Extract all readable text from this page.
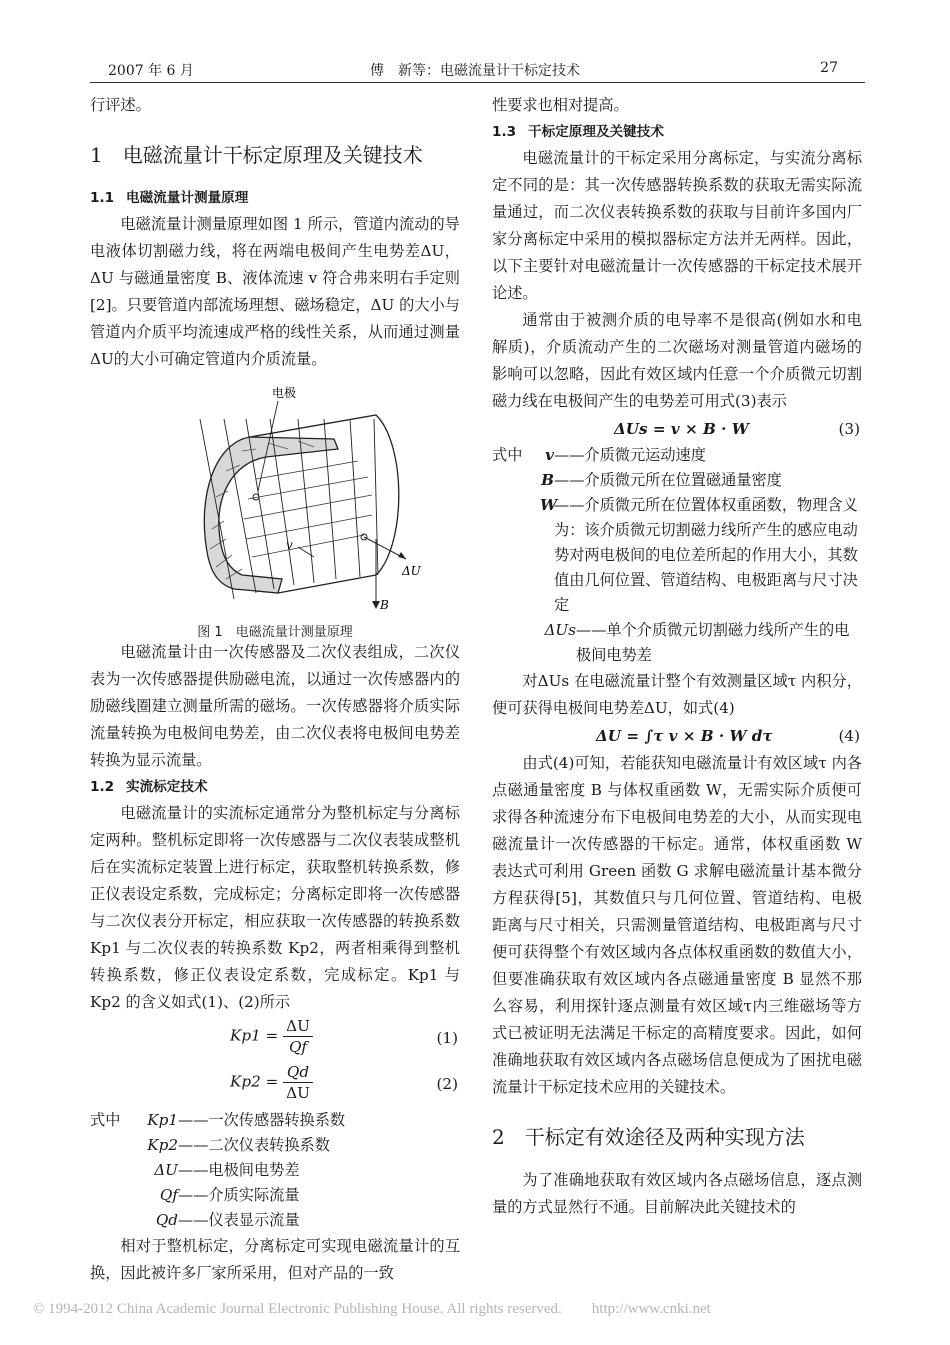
2007 年 6 月	傅　新等：电磁流量计干标定技术	27

行评述。

1　电磁流量计干标定原理及关键技术
1.1 电磁流量计测量原理

电磁流量计测量原理如图 1 所示，管道内流动的导电液体切割磁力线，将在两端电极间产生电势差ΔU，ΔU 与磁通量密度 B、液体流速 v 符合弗来明右手定则[2]。只要管道内部流场理想、磁场稳定，ΔU 的大小与管道内介质平均流速成严格的线性关系，从而通过测量ΔU的大小可确定管道内介质流量。

电极
ΔU
B
v
图 1　电磁流量计测量原理

电磁流量计由一次传感器及二次仪表组成，二次仪表为一次传感器提供励磁电流，以通过一次传感器内的励磁线圈建立测量所需的磁场。一次传感器将介质实际流量转换为电极间电势差，由二次仪表将电极间电势差转换为显示流量。

1.2 实流标定技术

电磁流量计的实流标定通常分为整机标定与分离标定两种。整机标定即将一次传感器与二次仪表装成整机后在实流标定装置上进行标定，获取整机转换系数，修正仪表设定系数，完成标定；分离标定即将一次传感器与二次仪表分开标定，相应获取一次传感器的转换系数 Kp1 与二次仪表的转换系数 Kp2，两者相乘得到整机转换系数，修正仪表设定系数，完成标定。Kp1 与 Kp2 的含义如式(1)、(2)所示

$Kp1 = \frac{\Delta U}{Qf}$	(1)
$Kp2 = \frac{Qd}{\Delta U}$	(2)
式中	Kp1 ——一次传感器转换系数
Kp2 ——二次仪表转换系数
ΔU ——电极间电势差
Qf ——介质实际流量
Qd ——仪表显示流量

相对于整机标定，分离标定可实现电磁流量计的互换，因此被许多厂家所采用，但对产品的一致

性要求也相对提高。

1.3 干标定原理及关键技术

电磁流量计的干标定采用分离标定，与实流分离标定不同的是：其一次传感器转换系数的获取无需实际流量通过，而二次仪表转换系数的获取与目前许多国内厂家分离标定中采用的模拟器标定方法并无两样。因此，以下主要针对电磁流量计一次传感器的干标定技术展开论述。

通常由于被测介质的电导率不是很高(例如水和电解质)，介质流动产生的二次磁场对测量管道内磁场的影响可以忽略，因此有效区域内任意一个介质微元切割磁力线在电极间产生的电势差可用式(3)表示

ΔUs = v × B · W	(3)
式中	v ——介质微元运动速度
B ——介质微元所在位置磁通量密度
W
——介质微元所在位置体权重函数，物理含义为：该介质微元切割磁力线所产生的感应电动势对两电极间的电位差所起的作用大小，其数值由几何位置、管道结构、电极距离与尺寸决定
ΔUs ——单个介质微元切割磁力线所产生的电极间电势差

对ΔUs 在电磁流量计整个有效测量区域τ 内积分，便可获得电极间电势差ΔU，如式(4)

ΔU = ∫τ v × B · W dτ	(4)

由式(4)可知，若能获知电磁流量计有效区域τ 内各点磁通量密度 B 与体权重函数 W，无需实际介质便可求得各种流速分布下电极间电势差的大小，从而实现电磁流量计一次传感器的干标定。通常，体权重函数 W 表达式可利用 Green 函数 G 求解电磁流量计基本微分方程获得[5]，其数值只与几何位置、管道结构、电极距离与尺寸相关，只需测量管道结构、电极距离与尺寸便可获得整个有效区域内各点体权重函数的数值大小，但要准确获取有效区域内各点磁通量密度 B 显然不那么容易，利用探针逐点测量有效区域τ内三维磁场等方式已被证明无法满足干标定的高精度要求。因此，如何准确地获取有效区域内各点磁场信息便成为了困扰电磁流量计干标定技术应用的关键技术。

2　干标定有效途径及两种实现方法

为了准确地获取有效区域内各点磁场信息，逐点测量的方式显然行不通。目前解决此关键技术的

© 1994-2012 China Academic Journal Electronic Publishing House. All rights reserved.　　http://www.cnki.net
